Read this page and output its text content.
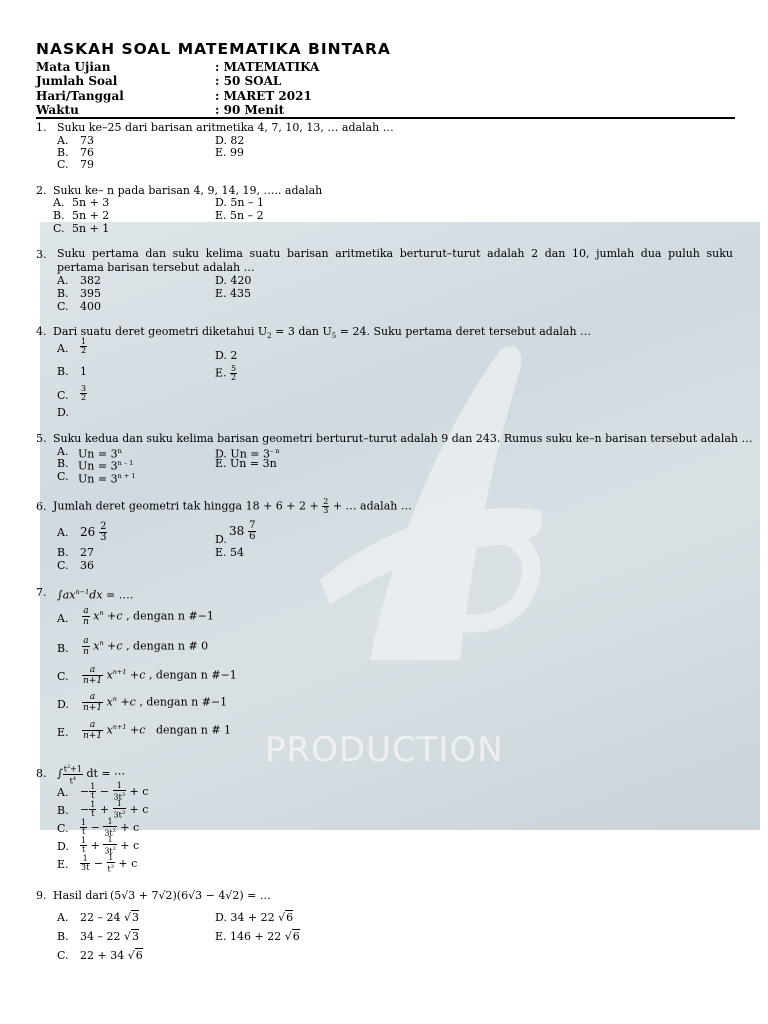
PRODUCTION
NASKAH SOAL MATEMATIKA BINTARA
Mata Ujian	: MATEMATIKA
Jumlah Soal	: 50 SOAL
Hari/Tanggal	: MARET 2021
Waktu	: 90 Menit
1. Suku ke–25 dari barisan aritmetika 4, 7, 10, 13, … adalah …
A. 73
B. 76
C. 79
D. 82
E. 99
2. Suku ke– n pada barisan 4, 9, 14, 19, ….. adalah
A. 5n + 3
B. 5n + 2
C. 5n + 1
D. 5n – 1
E. 5n – 2
3. Suku pertama dan suku kelima suatu barisan aritmetika berturut–turut adalah 2 dan 10, jumlah dua puluh suku pertama barisan tersebut adalah …
A. 382
B. 395
C. 400
D. 420
E. 435
4. Dari suatu deret geometri diketahui $U_2 = 3$ dan $U_5 = 24$. Suku pertama deret tersebut adalah …
A. $\frac{1}{2}$
B. 1
C. $\frac{3}{2}$
D.
D. 2
E. $\frac{5}{2}$
5. Suku kedua dan suku kelima barisan geometri berturut–turut adalah 9 dan 243. Rumus suku ke–n barisan tersebut adalah …
A. $Un = 3^n$
B. $Un = 3^{n - 1}$
C. $Un = 3^{n + 1}$
D. $Un = 3^{- n}$
E. Un = 3n
6. Jumlah deret geometri tak hingga $18 + 6 + 2 + \frac{2}{3}$ + … adalah …
A. $26 \frac{2}{3}$
B. 27
C. 36
D.
$38 \frac{7}{6}$
E. 54
7. $\int ax^{n-1}dx$ = ….
A. $\frac{a}{n} x^n +c$ , dengan n #−1
B. $\frac{a}{n} x^n +c$ , dengan n # 0
C. $\frac{a}{n+1} x^{n+1} +c$ , dengan n #−1
D. $\frac{a}{n+1} x^n +c$ , dengan n #−1
E. $\frac{a}{n+1} x^{n+1} +c$ dengan n # 1
8. ∫ $\frac{t^2+1}{t^4}$ dt = ⋯
A. − $\frac{1}{t} - \frac{1}{3t^3} + c$
B. − $\frac{1}{t} + \frac{1}{3t^3} + c$
C. $\frac{1}{t} - \frac{1}{3t^3} + c$
D. $\frac{1}{t} + \frac{1}{3t^3} + c$
E. $\frac{1}{3t} - \frac{1}{t^3} + c$
9. Hasil dari (5√3 + 7√2)(6√3 − 4√2) = …
A. 22 – 24 √3
B. 34 – 22 √3
C. 22 + 34 √6
D. 34 + 22 √6
E. 146 + 22 √6
